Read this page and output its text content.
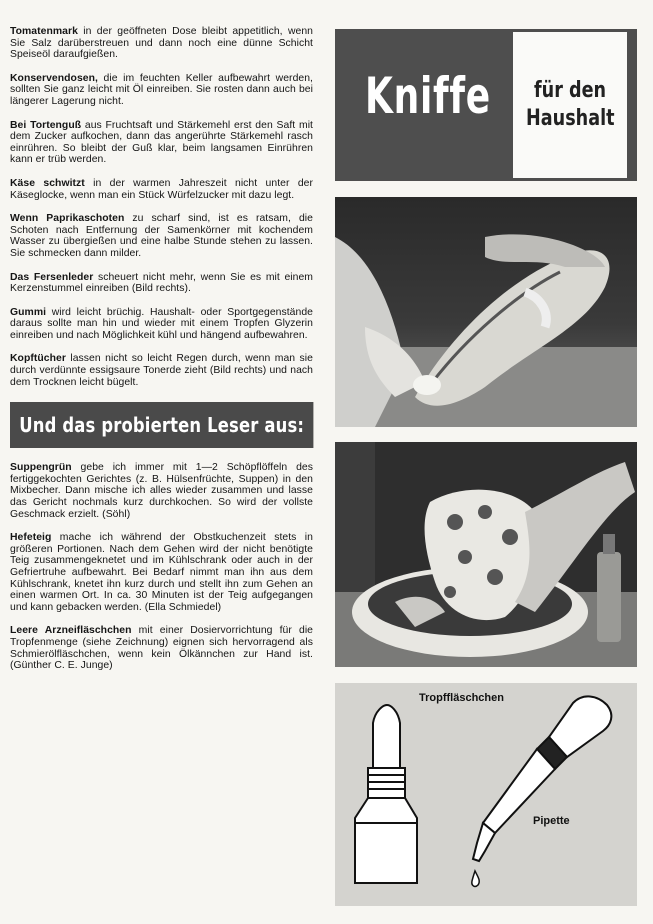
Tomatenmark in der geöffneten Dose bleibt appetitlich, wenn Sie Salz darüberstreuen und dann noch eine dünne Schicht Speiseöl daraufgießen.

Konservendosen, die im feuchten Keller aufbewahrt werden, sollten Sie ganz leicht mit Öl einreiben. Sie rosten dann auch bei längerer Lagerung nicht.

Bei Tortenguß aus Fruchtsaft und Stärkemehl erst den Saft mit dem Zucker aufkochen, dann das angerührte Stärkemehl rasch einrühren. So bleibt der Guß klar, beim langsamen Einrühren kann er trüb werden.

Käse schwitzt in der warmen Jahreszeit nicht unter der Käseglocke, wenn man ein Stück Würfelzucker mit dazu legt.

Wenn Paprikaschoten zu scharf sind, ist es ratsam, die Schoten nach Entfernung der Samenkörner mit kochendem Wasser zu übergießen und eine halbe Stunde stehen zu lassen. Sie schmecken dann milder.

Das Fersenleder scheuert nicht mehr, wenn Sie es mit einem Kerzenstummel einreiben (Bild rechts).

Gummi wird leicht brüchig. Haushalt- oder Sportgegenstände daraus sollte man hin und wieder mit einem Tropfen Glyzerin einreiben und nach Möglichkeit kühl und hängend aufbewahren.

Kopftücher lassen nicht so leicht Regen durch, wenn man sie durch verdünnte essigsaure Tonerde zieht (Bild rechts) und nach dem Trocknen leicht bügelt.

Und das probierten Leser aus:

Suppengrün gebe ich immer mit 1—2 Schöpflöffeln des fertiggekochten Gerichtes (z. B. Hülsenfrüchte, Suppen) in den Mixbecher. Dann mische ich alles wieder zusammen und lasse das Gericht nochmals kurz durchkochen. So wird der vollste Geschmack erzielt. (Söhl)

Hefeteig mache ich während der Obstkuchenzeit stets in größeren Portionen. Nach dem Gehen wird der nicht benötigte Teig zusammengeknetet und im Kühlschrank oder auch in der Gefriertruhe aufbewahrt. Bei Bedarf nimmt man ihn aus dem Kühlschrank, knetet ihn kurz durch und stellt ihn zum Gehen an einen warmen Ort. In ca. 30 Minuten ist der Teig aufgegangen und kann gebacken werden. (Ella Schmiedel)

Leere Arzneifläschchen mit einer Dosiervorrichtung für die Tropfenmenge (siehe Zeichnung) eignen sich hervorragend als Schmierölfläschchen, wenn kein Ölkännchen zur Hand ist. (Günther C. E. Junge)

Kniffe für den
Haushalt
Tropffläschchen
Pipette
